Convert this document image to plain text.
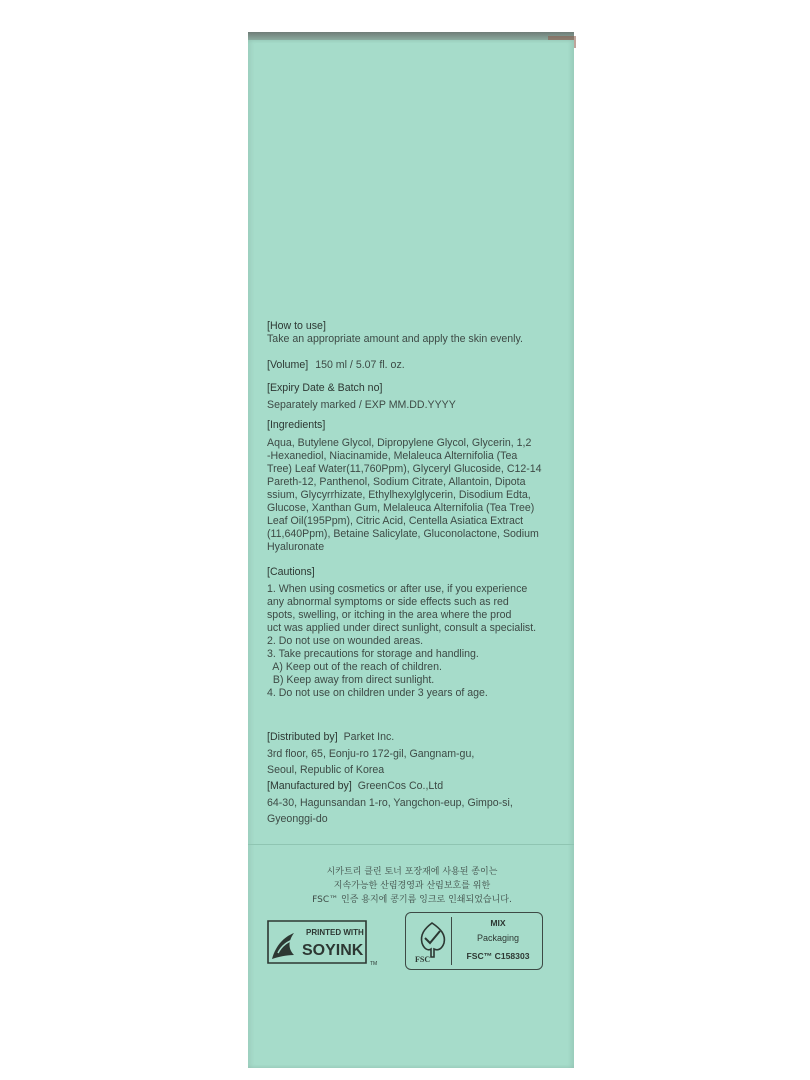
[How to use]

Take an appropriate amount and apply the skin evenly.

[Volume] 150 ml / 5.07 fl. oz.

[Expiry Date & Batch no]

Separately marked / EXP MM.DD.YYYY

[Ingredients]

Aqua, Butylene Glycol, Dipropylene Glycol, Glycerin, 1,2

-Hexanediol, Niacinamide, Melaleuca Alternifolia (Tea

Tree) Leaf Water(11,760Ppm), Glyceryl Glucoside, C12-14

Pareth-12, Panthenol, Sodium Citrate, Allantoin, Dipota

ssium, Glycyrrhizate, Ethylhexylglycerin, Disodium Edta,

Glucose, Xanthan Gum, Melaleuca Alternifolia (Tea Tree)

Leaf Oil(195Ppm), Citric Acid, Centella Asiatica Extract

(11,640Ppm), Betaine Salicylate, Gluconolactone, Sodium

Hyaluronate

[Cautions]

1. When using cosmetics or after use, if you experience

any abnormal symptoms or side effects such as red

spots, swelling, or itching in the area where the prod

uct was applied under direct sunlight, consult a specialist.

2. Do not use on wounded areas.

3. Take precautions for storage and handling.

A) Keep out of the reach of children.

B) Keep away from direct sunlight.

4. Do not use on children under 3 years of age.

[Distributed by] Parket Inc.

3rd floor, 65, Eonju-ro 172-gil, Gangnam-gu,

Seoul, Republic of Korea

[Manufactured by] GreenCos Co.,Ltd

64-30, Hagunsandan 1-ro, Yangchon-eup, Gimpo-si,

Gyeonggi-do

시카트리 클린 토너 포장재에 사용된 종이는
지속가능한 산림경영과 산림보호를 위한
FSC™ 인증 용지에 콩기름 잉크로 인쇄되었습니다.
PRINTED WITH
SOYINK
TM	FSC
MIX
Packaging
FSC™ C158303
